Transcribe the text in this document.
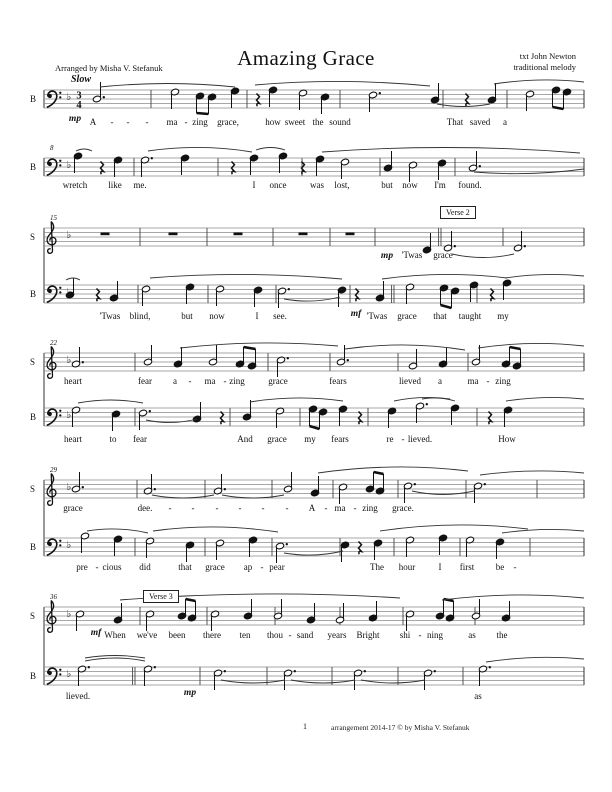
Arranged by Misha V. Stefanuk
Slow
Amazing Grace	txt John Newton
traditional melody
♭ 3
4
♭
♭
♭
♭
♭
♭
♭
♭
B
A - - - ma - zing grace,	how sweet the sound	That saved a
mp
8
B
wretch like me.	I once	was lost,	but now I'm found.
15
Verse 2
S
'Twas grace
mp
B
'Twas blind,	but now	I see.	'Twas grace that taught my
mf
22
S
heart	fear a - ma - zing	grace	fears	lieved a	ma - zing
B
heart	to fear	And grace my fears	re - lieved.	How
29
S
grace	dee. - - - - - - A - ma - zing grace.
B
pre - cious did	that grace ap - pear	The hour	I first be -
36	Verse 3
S
When we've been there ten thou - sand years Bright shi - ning	as the
mf
B
lieved.	as
mp
1	arrangement 2014-17 © by Misha V. Stefanuk
